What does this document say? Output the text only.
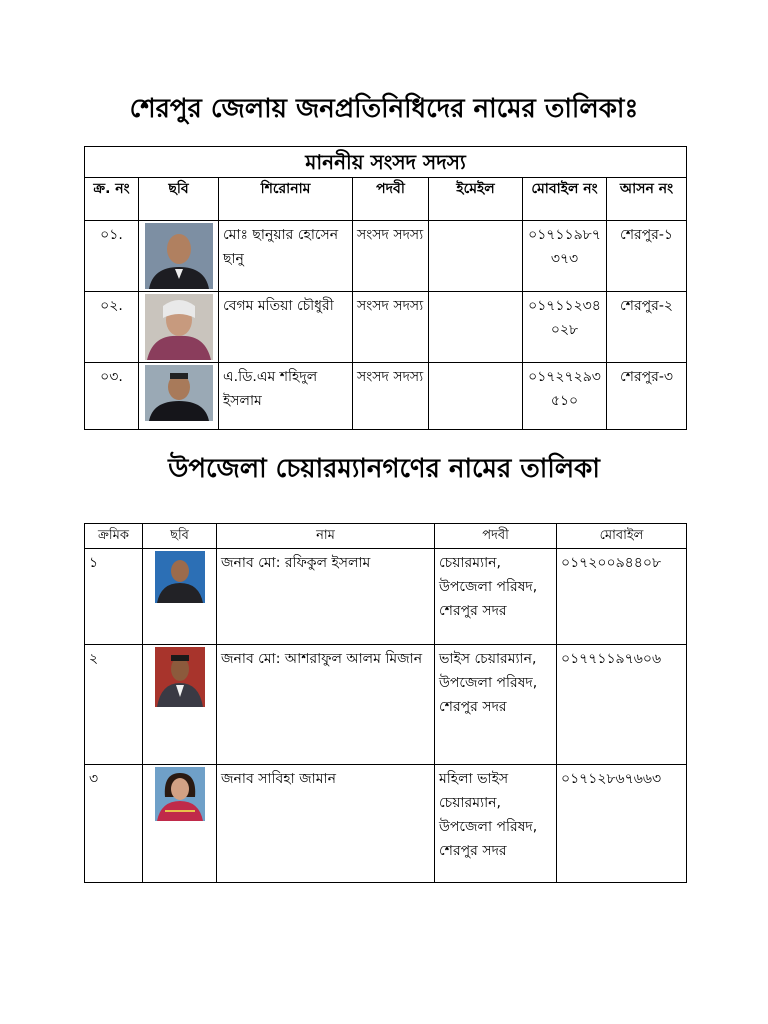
শেরপুর জেলায় জনপ্রতিনিধিদের নামের তালিকাঃ
মাননীয় সংসদ সদস্য						
ক্র. নং	ছবি	শিরোনাম	পদবী	ইমেইল	মোবাইল নং	আসন নং
০১.		মোঃ ছানুয়ার হোসেন ছানু	সংসদ সদস্য		০১৭১১৯৮৭৩৭৩	শেরপুর-১
০২.		বেগম মতিয়া চৌধুরী	সংসদ সদস্য		০১৭১১২৩৪০২৮	শেরপুর-২
০৩.		এ.ডি.এম শহিদুল ইসলাম	সংসদ সদস্য		০১৭২৭২৯৩৫১০	শেরপুর-৩
উপজেলা চেয়ারম্যানগণের নামের তালিকা
ক্রমিক	ছবি	নাম	পদবী	মোবাইল
১		জনাব মো: রফিকুল ইসলাম	চেয়ারম্যান, উপজেলা পরিষদ, শেরপুর সদর	০১৭২০০৯৪৪০৮
২		জনাব মো: আশরাফুল আলম মিজান	ভাইস চেয়ারম্যান, উপজেলা পরিষদ, শেরপুর সদর	০১৭৭১১৯৭৬০৬
৩		জনাব সাবিহা জামান	মহিলা ভাইস চেয়ারম্যান, উপজেলা পরিষদ, শেরপুর সদর	০১৭১২৮৬৭৬৬৩
